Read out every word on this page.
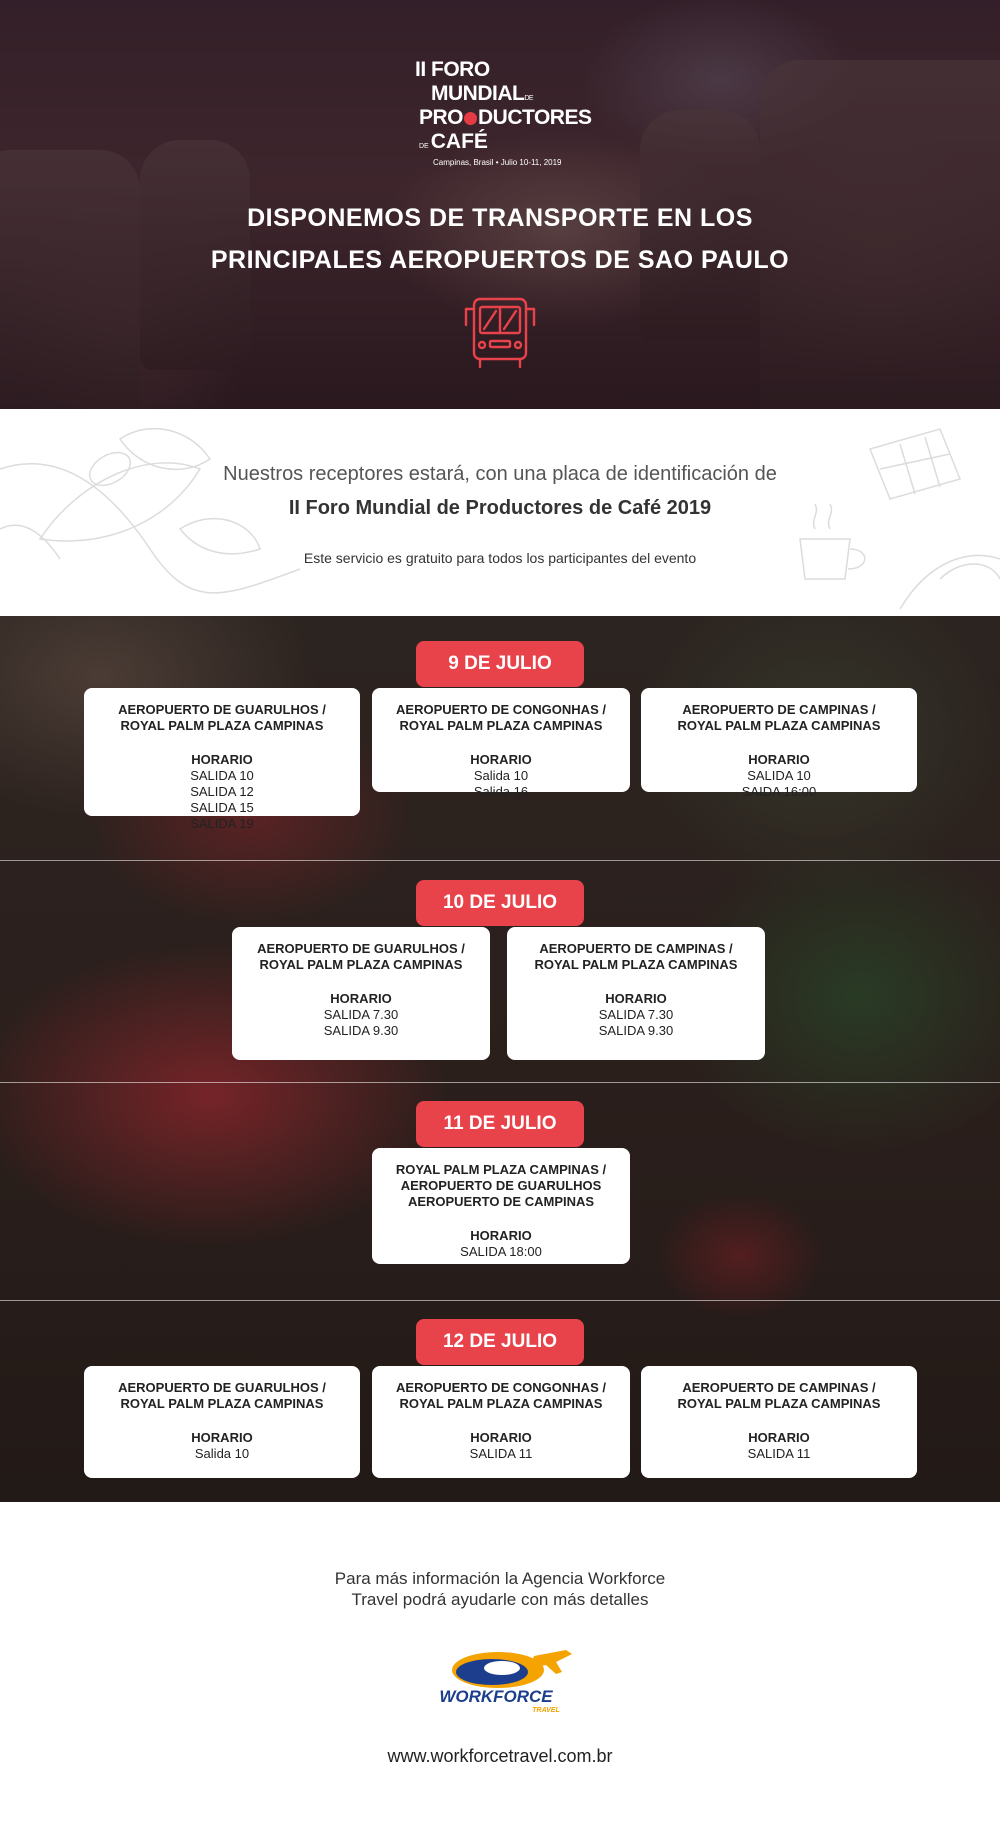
II FORO
MUNDIALDE
PRO DUCTORES
DECAFÉ
Campinas, Brasil • Julio 10-11, 2019
DISPONEMOS DE TRANSPORTE EN LOS
PRINCIPALES AEROPUERTOS DE SAO PAULO
Nuestros receptores estará, con una placa de identificación de
II Foro Mundial de Productores de Café 2019
Este servicio es gratuito para todos los participantes del evento
9 DE JULIO
AEROPUERTO DE GUARULHOS /
ROYAL PALM PLAZA CAMPINAS
HORARIO
SALIDA 10
SALIDA 12
SALIDA 15
SALIDA 19
AEROPUERTO DE CONGONHAS /
ROYAL PALM PLAZA CAMPINAS
HORARIO
Salida 10
Salida 16
AEROPUERTO DE CAMPINAS /
ROYAL PALM PLAZA CAMPINAS
HORARIO
SALIDA 10
SAIDA 16:00
10 DE JULIO
AEROPUERTO DE GUARULHOS /
ROYAL PALM PLAZA CAMPINAS
HORARIO
SALIDA 7.30
SALIDA 9.30
AEROPUERTO DE CAMPINAS /
ROYAL PALM PLAZA CAMPINAS
HORARIO
SALIDA 7.30
SALIDA 9.30
11 DE JULIO
ROYAL PALM PLAZA CAMPINAS /
AEROPUERTO DE GUARULHOS
AEROPUERTO DE CAMPINAS
HORARIO
SALIDA 18:00
12 DE JULIO
AEROPUERTO DE GUARULHOS /
ROYAL PALM PLAZA CAMPINAS
HORARIO
Salida 10
AEROPUERTO DE CONGONHAS /
ROYAL PALM PLAZA CAMPINAS
HORARIO
SALIDA 11
AEROPUERTO DE CAMPINAS /
ROYAL PALM PLAZA CAMPINAS
HORARIO
SALIDA 11
Para más información la Agencia Workforce
Travel podrá ayudarle con más detalles
WORKFORCE
TRAVEL
www.workforcetravel.com.br
